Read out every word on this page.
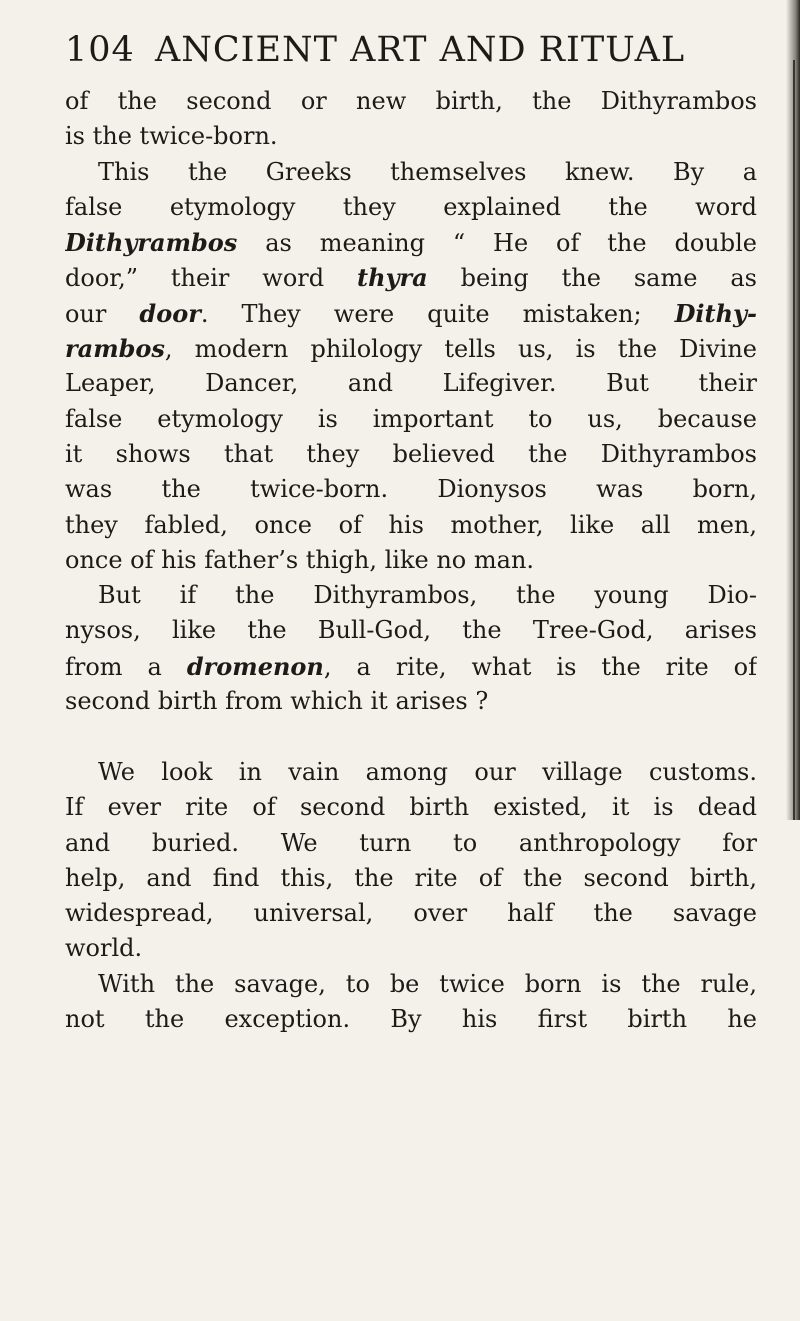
104 ANCIENT ART AND RITUAL
of the second or new birth, the Dithyrambos
is the twice-born.
This the Greeks themselves knew. By a
false etymology they explained the word
Dithyrambos as meaning “ He of the double
door,” their word thyra being the same as
our door. They were quite mistaken; Dithy-
rambos, modern philology tells us, is the Divine
Leaper, Dancer, and Lifegiver. But their
false etymology is important to us, because
it shows that they believed the Dithyrambos
was the twice-born. Dionysos was born,
they fabled, once of his mother, like all men,
once of his father’s thigh, like no man.
But if the Dithyrambos, the young Dio-
nysos, like the Bull-God, the Tree-God, arises
from a dromenon, a rite, what is the rite of
second birth from which it arises ?
We look in vain among our village customs.
If ever rite of second birth existed, it is dead
and buried. We turn to anthropology for
help, and find this, the rite of the second birth,
widespread, universal, over half the savage
world.
With the savage, to be twice born is the rule,
not the exception. By his first birth he
